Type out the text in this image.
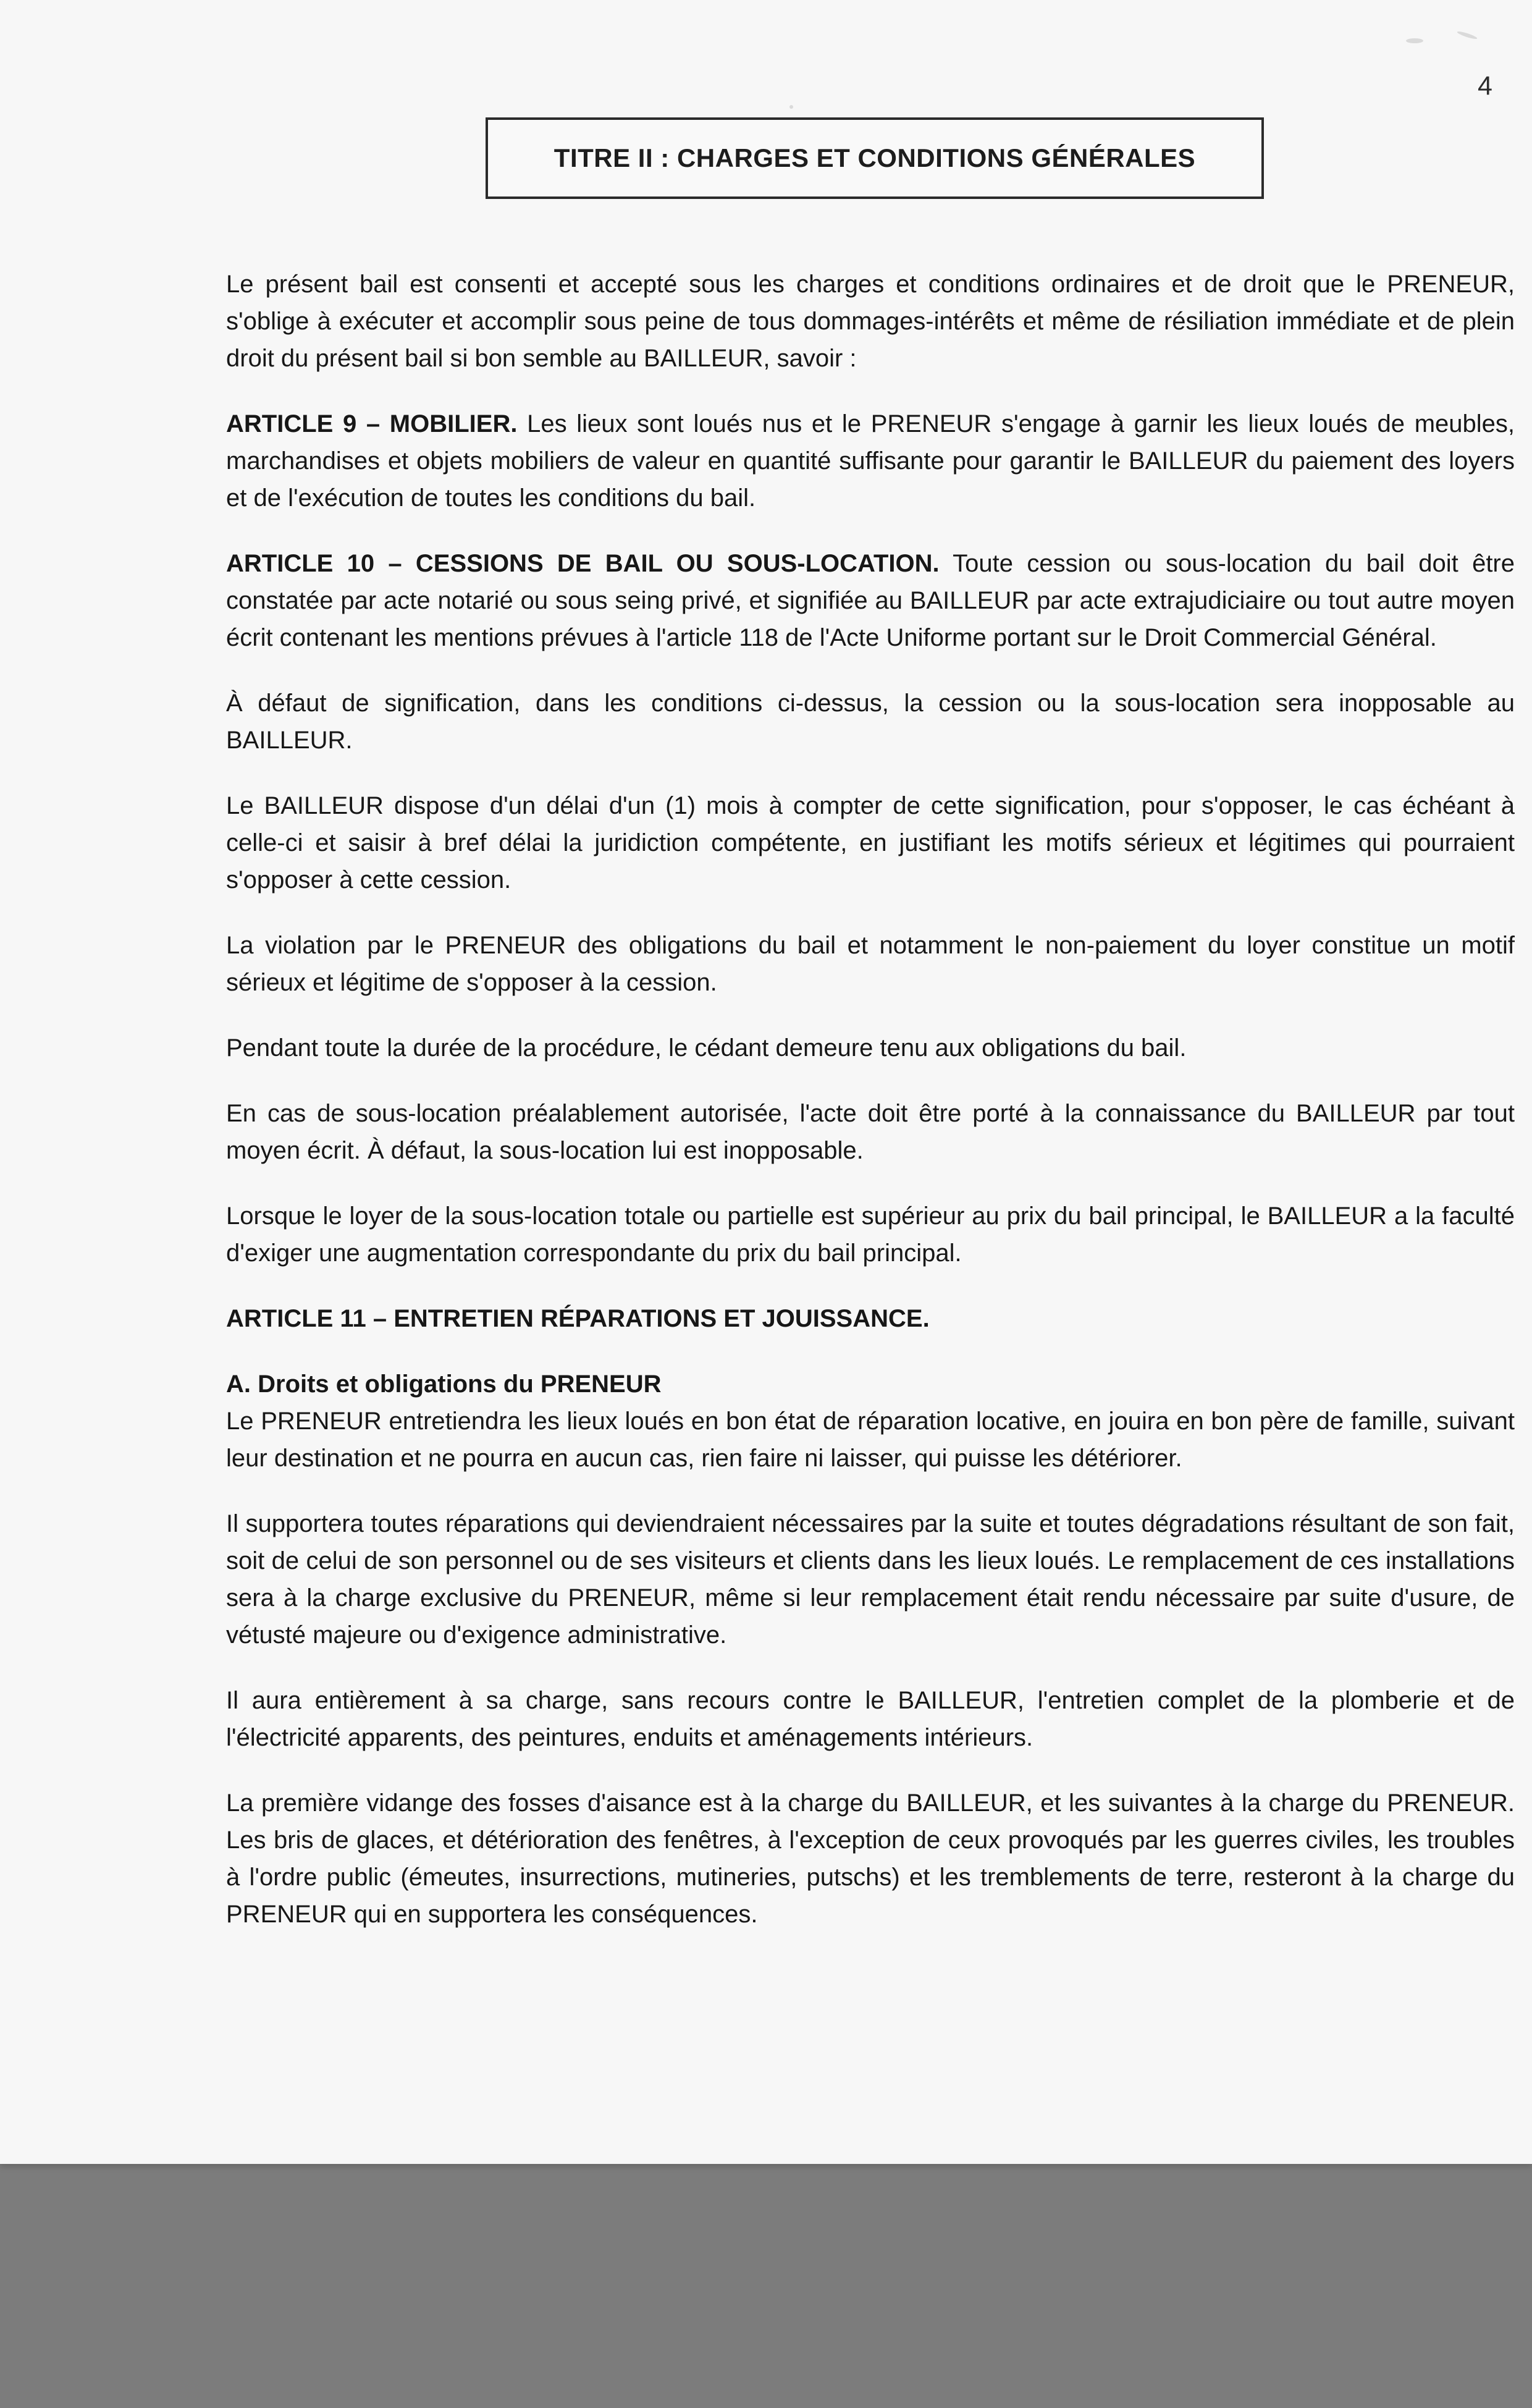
4
TITRE II : CHARGES ET CONDITIONS GÉNÉRALES

Le présent bail est consenti et accepté sous les charges et conditions ordinaires et de droit que le PRENEUR, s'oblige à exécuter et accomplir sous peine de tous dommages-intérêts et même de résiliation immédiate et de plein droit du présent bail si bon semble au BAILLEUR, savoir :

ARTICLE 9 – MOBILIER. Les lieux sont loués nus et le PRENEUR s'engage à garnir les lieux loués de meubles, marchandises et objets mobiliers de valeur en quantité suffisante pour garantir le BAILLEUR du paiement des loyers et de l'exécution de toutes les conditions du bail.

ARTICLE 10 – CESSIONS DE BAIL OU SOUS-LOCATION. Toute cession ou sous-location du bail doit être constatée par acte notarié ou sous seing privé, et signifiée au BAILLEUR par acte extrajudiciaire ou tout autre moyen écrit contenant les mentions prévues à l'article 118 de l'Acte Uniforme portant sur le Droit Commercial Général.

À défaut de signification, dans les conditions ci-dessus, la cession ou la sous-location sera inopposable au BAILLEUR.

Le BAILLEUR dispose d'un délai d'un (1) mois à compter de cette signification, pour s'opposer, le cas échéant à celle-ci et saisir à bref délai la juridiction compétente, en justifiant les motifs sérieux et légitimes qui pourraient s'opposer à cette cession.

La violation par le PRENEUR des obligations du bail et notamment le non-paiement du loyer constitue un motif sérieux et légitime de s'opposer à la cession.

Pendant toute la durée de la procédure, le cédant demeure tenu aux obligations du bail.

En cas de sous-location préalablement autorisée, l'acte doit être porté à la connaissance du BAILLEUR par tout moyen écrit. À défaut, la sous-location lui est inopposable.

Lorsque le loyer de la sous-location totale ou partielle est supérieur au prix du bail principal, le BAILLEUR a la faculté d'exiger une augmentation correspondante du prix du bail principal.

ARTICLE 11 – ENTRETIEN RÉPARATIONS ET JOUISSANCE.

A. Droits et obligations du PRENEUR

Le PRENEUR entretiendra les lieux loués en bon état de réparation locative, en jouira en bon père de famille, suivant leur destination et ne pourra en aucun cas, rien faire ni laisser, qui puisse les détériorer.

Il supportera toutes réparations qui deviendraient nécessaires par la suite et toutes dégradations résultant de son fait, soit de celui de son personnel ou de ses visiteurs et clients dans les lieux loués. Le remplacement de ces installations sera à la charge exclusive du PRENEUR, même si leur remplacement était rendu nécessaire par suite d'usure, de vétusté majeure ou d'exigence administrative.

Il aura entièrement à sa charge, sans recours contre le BAILLEUR, l'entretien complet de la plomberie et de l'électricité apparents, des peintures, enduits et aménagements intérieurs.

La première vidange des fosses d'aisance est à la charge du BAILLEUR, et les suivantes à la charge du PRENEUR. Les bris de glaces, et détérioration des fenêtres, à l'exception de ceux provoqués par les guerres civiles, les troubles à l'ordre public (émeutes, insurrections, mutineries, putschs) et les tremblements de terre, resteront à la charge du PRENEUR qui en supportera les conséquences.
